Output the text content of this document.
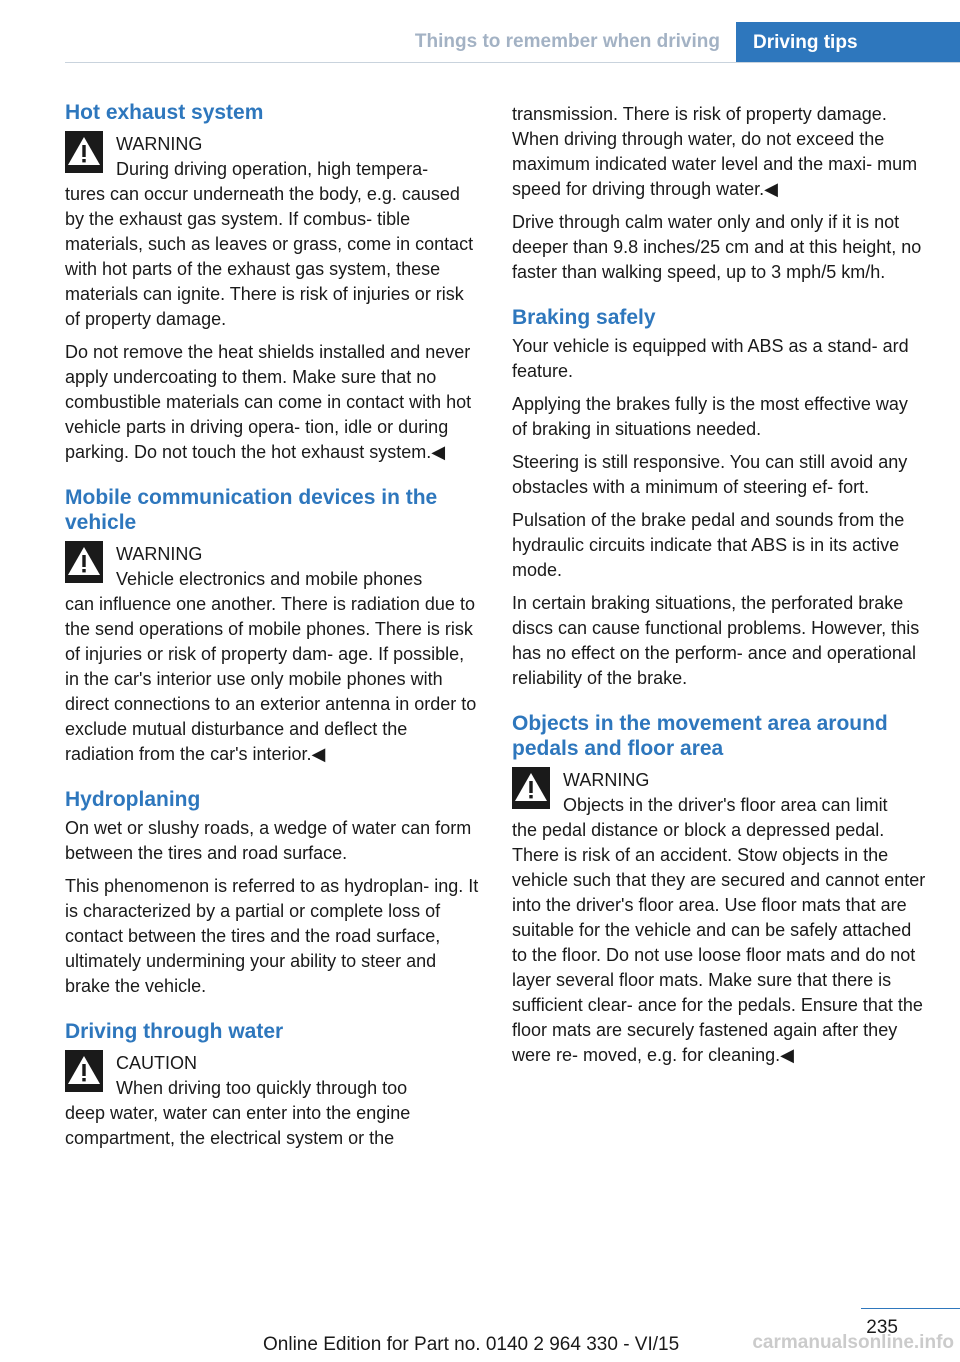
Things to remember when driving	Driving tips
Hot exhaust system
WARNING
During driving operation, high tempera‐

tures can occur underneath the body, e.g. caused by the exhaust gas system. If combus‐ tible materials, such as leaves or grass, come in contact with hot parts of the exhaust gas system, these materials can ignite. There is risk of injuries or risk of property damage.

Do not remove the heat shields installed and never apply undercoating to them. Make sure that no combustible materials can come in contact with hot vehicle parts in driving opera‐ tion, idle or during parking. Do not touch the hot exhaust system.◀

Mobile communication devices in the vehicle
WARNING
Vehicle electronics and mobile phones

can influence one another. There is radiation due to the send operations of mobile phones. There is risk of injuries or risk of property dam‐ age. If possible, in the car's interior use only mobile phones with direct connections to an exterior antenna in order to exclude mutual disturbance and deflect the radiation from the car's interior.◀

Hydroplaning

On wet or slushy roads, a wedge of water can form between the tires and road surface.

This phenomenon is referred to as hydroplan‐ ing. It is characterized by a partial or complete loss of contact between the tires and the road surface, ultimately undermining your ability to steer and brake the vehicle.

Driving through water
CAUTION
When driving too quickly through too

deep water, water can enter into the engine compartment, the electrical system or the

transmission. There is risk of property damage. When driving through water, do not exceed the maximum indicated water level and the maxi‐ mum speed for driving through water.◀

Drive through calm water only and only if it is not deeper than 9.8 inches/25 cm and at this height, no faster than walking speed, up to 3 mph/5 km/h.

Braking safely

Your vehicle is equipped with ABS as a stand‐ ard feature.

Applying the brakes fully is the most effective way of braking in situations needed.

Steering is still responsive. You can still avoid any obstacles with a minimum of steering ef‐ fort.

Pulsation of the brake pedal and sounds from the hydraulic circuits indicate that ABS is in its active mode.

In certain braking situations, the perforated brake discs can cause functional problems. However, this has no effect on the perform‐ ance and operational reliability of the brake.

Objects in the movement area around pedals and floor area
WARNING
Objects in the driver's floor area can limit

the pedal distance or block a depressed pedal. There is risk of an accident. Stow objects in the vehicle such that they are secured and cannot enter into the driver's floor area. Use floor mats that are suitable for the vehicle and can be safely attached to the floor. Do not use loose floor mats and do not layer several floor mats. Make sure that there is sufficient clear‐ ance for the pedals. Ensure that the floor mats are securely fastened again after they were re‐ moved, e.g. for cleaning.◀

235
Online Edition for Part no. 0140 2 964 330 - VI/15	carmanualsonline.info
